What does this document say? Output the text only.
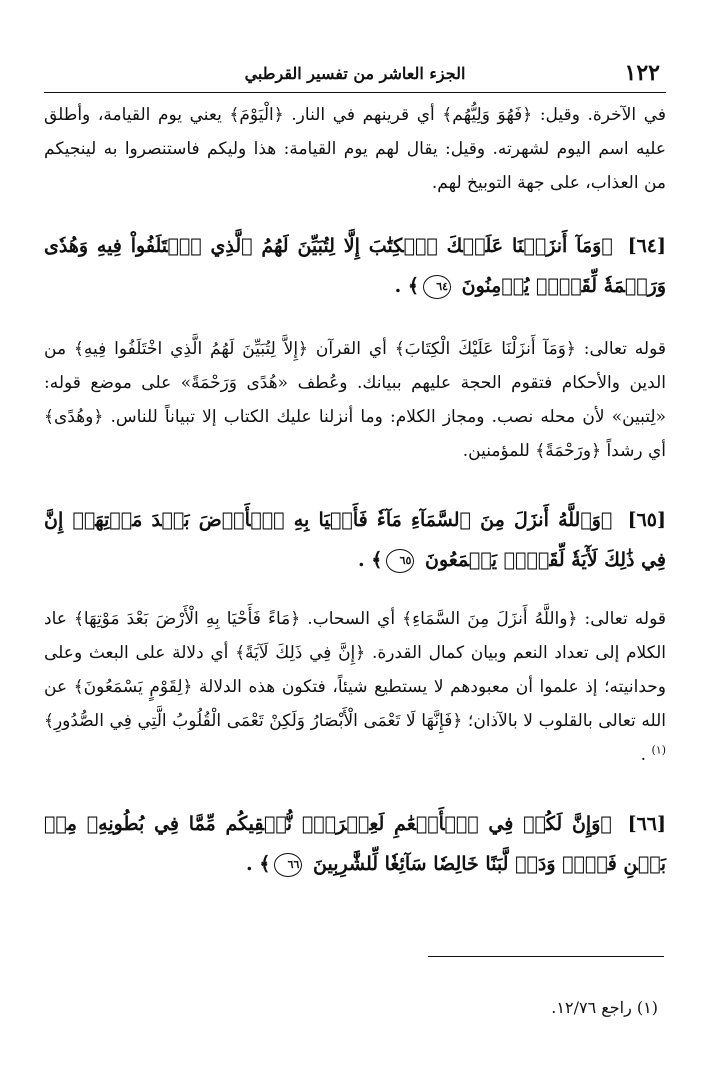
١٢٢
الجزء العاشر من تفسير القرطبي
في الآخرة. وقيل: ﴿فَهُوَ وَلِيُّهُم﴾ أي قرينهم في النار. ﴿الْيَوْمَ﴾ يعني يوم القيامة، وأطلق عليه اسم اليوم لشهرته. وقيل: يقال لهم يوم القيامة: هذا وليكم فاستنصروا به لينجيكم من العذاب، على جهة التوبيخ لهم.
[٦٤] ﴿وَمَآ أَنزَلۡنَا عَلَيۡكَ ٱلۡكِتَٰبَ إِلَّا لِتُبَيِّنَ لَهُمُ ٱلَّذِي ٱخۡتَلَفُواْ فِيهِ وَهُدٗى وَرَحۡمَةٗ لِّقَوۡمٖ يُؤۡمِنُونَ ٦٤﴾ .
قوله تعالى: ﴿وَمَآ أَنزَلْنَا عَلَيْكَ الْكِتَابَ﴾ أي القرآن ﴿إِلاَّ لِتُبَيِّنَ لَهُمُ الَّذِي اخْتَلَفُوا فِيهِ﴾ من الدين والأحكام فتقوم الحجة عليهم ببيانك. وعُطف «هُدًى وَرَحْمَةً» على موضع قوله: «لِتبين» لأن محله نصب. ومجاز الكلام: وما أنزلنا عليك الكتاب إلا تبياناً للناس. ﴿وهُدًى﴾ أي رشداً ﴿ورَحْمَةً﴾ للمؤمنين.
[٦٥] ﴿وَٱللَّهُ أَنزَلَ مِنَ ٱلسَّمَآءِ مَآءٗ فَأَحۡيَا بِهِ ٱلۡأَرۡضَ بَعۡدَ مَوۡتِهَآۚ إِنَّ فِي ذَٰلِكَ لَأٓيَةٗ لِّقَوۡمٖ يَسۡمَعُونَ ٦٥﴾ .
قوله تعالى: ﴿واللَّهُ أَنزَلَ مِنَ السَّمَاءِ﴾ أي السحاب. ﴿مَاءً فَأَحْيَا بِهِ الْأَرْضَ بَعْدَ مَوْتِهَا﴾ عاد الكلام إلى تعداد النعم وبيان كمال القدرة. ﴿إِنَّ فِي ذَلِكَ لَآيَةً﴾ أي دلالة على البعث وعلى وحدانيته؛ إذ علموا أن معبودهم لا يستطيع شيئاً، فتكون هذه الدلالة ﴿لِقَوْمٍ يَسْمَعُونَ﴾ عن الله تعالى بالقلوب لا بالآذان؛ ﴿فَإِنَّهَا لَا تَعْمَى الْأَبْصَارُ وَلَكِنْ تَعْمَى الْقُلُوبُ الَّتِي فِي الصُّدُورِ﴾$^{(١)}$ .
[٦٦] ﴿وَإِنَّ لَكُمۡ فِي ٱلۡأَنۡعَٰمِ لَعِبۡرَةٗۖ نُّسۡقِيكُم مِّمَّا فِي بُطُونِهِۦ مِنۢ بَيۡنِ فَرۡثٖ وَدَمٖ لَّبَنًا خَالِصٗا سَآئِغٗا لِّلشَّٰرِبِينَ ٦٦﴾ .
(١) راجع ١٢/٧٦.
